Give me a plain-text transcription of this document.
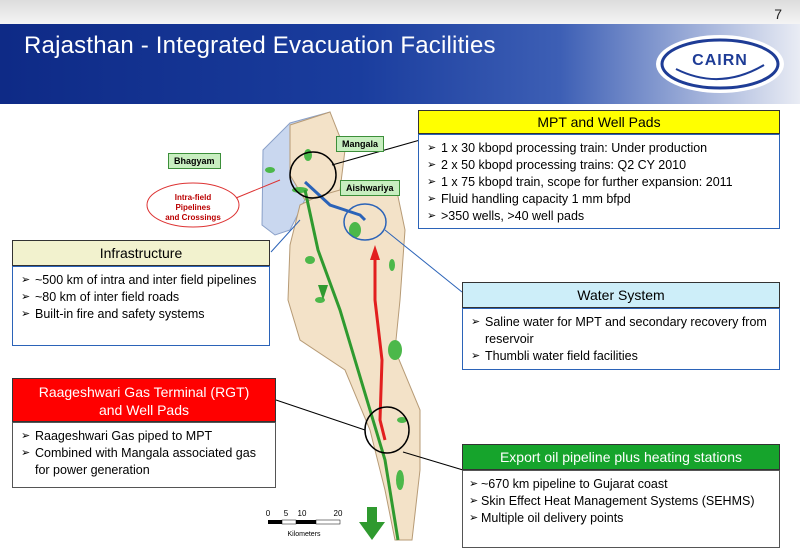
7
Rajasthan - Integrated Evacuation Facilities
CAIRN
Intra-field
Pipelines
and Crossings
0 5 10	20
Kilometers
Bhagyam
Mangala
Aishwariya
MPT and Well Pads
➢ 1 x 30 kbopd processing train: Under production
➢ 2 x 50 kbopd processing trains: Q2 CY 2010
➢ 1 x 75 kbopd train, scope for further expansion: 2011
➢ Fluid handling capacity 1 mm bfpd
➢ >350 wells, >40 well pads
Infrastructure
➢ ~500 km of intra and inter field pipelines
➢ ~80 km of inter field roads
➢ Built-in fire and safety systems
Water System
➢ Saline water for MPT and secondary recovery from reservoir
➢ Thumbli water field facilities
Raageshwari Gas Terminal (RGT)
and Well Pads
➢ Raageshwari Gas piped to MPT
➢ Combined with Mangala associated gas for power generation
Export oil pipeline plus heating stations
➢ ~670 km pipeline to Gujarat coast
➢ Skin Effect Heat Management Systems (SEHMS)
➢ Multiple oil delivery points
